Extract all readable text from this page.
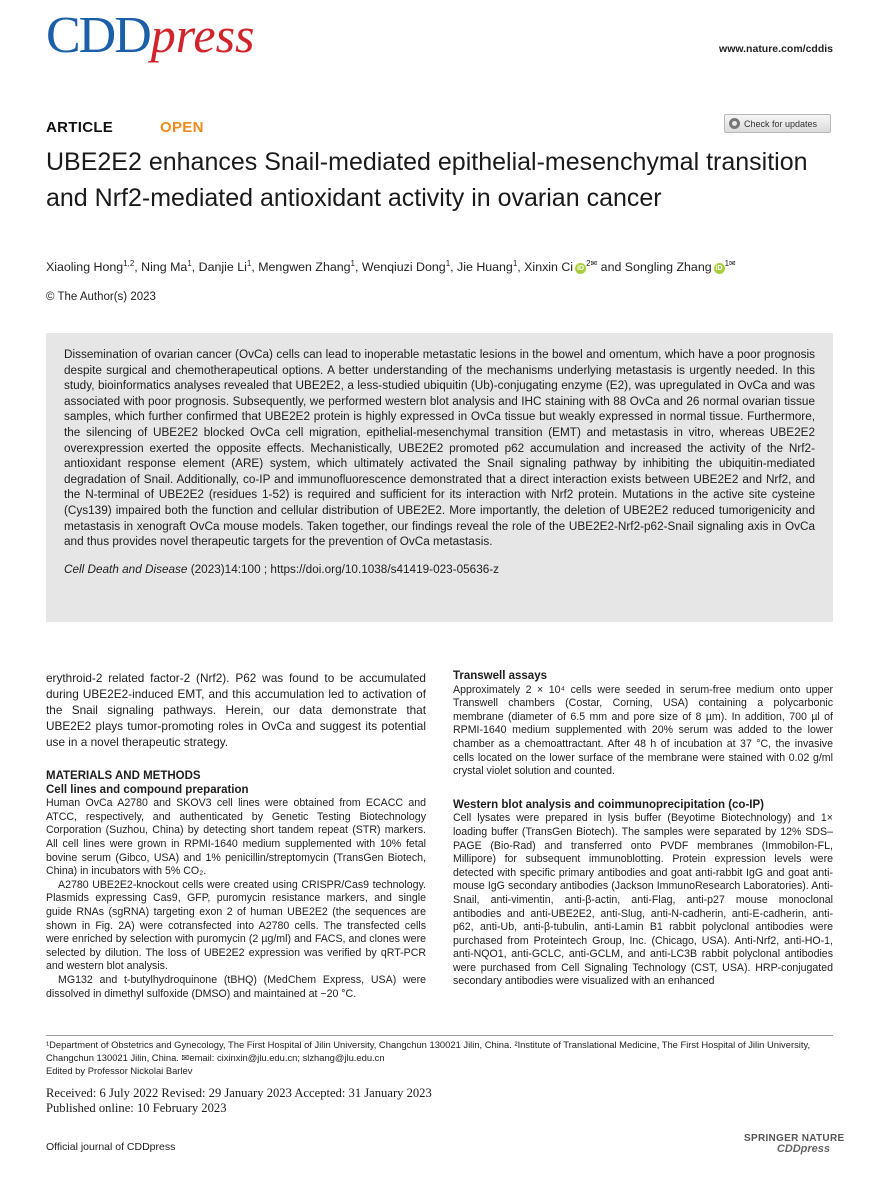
CDDpress	www.nature.com/cddis
ARTICLE	OPEN	Check for updates
UBE2E2 enhances Snail-mediated epithelial-mesenchymal transition and Nrf2-mediated antioxidant activity in ovarian cancer
Xiaoling Hong$^{1,2}$, Ning Ma$^1$, Danjie Li$^1$, Mengwen Zhang$^1$, Wenqiuzi Dong$^1$, Jie Huang$^1$, Xinxin Ci $iD^{2✉}$ and Songling Zhang $iD^{1✉}$
© The Author(s) 2023

Dissemination of ovarian cancer (OvCa) cells can lead to inoperable metastatic lesions in the bowel and omentum, which have a poor prognosis despite surgical and chemotherapeutical options. A better understanding of the mechanisms underlying metastasis is urgently needed. In this study, bioinformatics analyses revealed that UBE2E2, a less-studied ubiquitin (Ub)-conjugating enzyme (E2), was upregulated in OvCa and was associated with poor prognosis. Subsequently, we performed western blot analysis and IHC staining with 88 OvCa and 26 normal ovarian tissue samples, which further confirmed that UBE2E2 protein is highly expressed in OvCa tissue but weakly expressed in normal tissue. Furthermore, the silencing of UBE2E2 blocked OvCa cell migration, epithelial-mesenchymal transition (EMT) and metastasis in vitro, whereas UBE2E2 overexpression exerted the opposite effects. Mechanistically, UBE2E2 promoted p62 accumulation and increased the activity of the Nrf2-antioxidant response element (ARE) system, which ultimately activated the Snail signaling pathway by inhibiting the ubiquitin-mediated degradation of Snail. Additionally, co-IP and immunofluorescence demonstrated that a direct interaction exists between UBE2E2 and Nrf2, and the N-terminal of UBE2E2 (residues 1-52) is required and sufficient for its interaction with Nrf2 protein. Mutations in the active site cysteine (Cys139) impaired both the function and cellular distribution of UBE2E2. More importantly, the deletion of UBE2E2 reduced tumorigenicity and metastasis in xenograft OvCa mouse models. Taken together, our findings reveal the role of the UBE2E2-Nrf2-p62-Snail signaling axis in OvCa and thus provides novel therapeutic targets for the prevention of OvCa metastasis.

Cell Death and Disease (2023)14:100 ; https://doi.org/10.1038/s41419-023-05636-z

erythroid-2 related factor-2 (Nrf2). P62 was found to be accumulated during UBE2E2-induced EMT, and this accumulation led to activation of the Snail signaling pathways. Herein, our data demonstrate that UBE2E2 plays tumor-promoting roles in OvCa and suggest its potential use in a novel therapeutic strategy.

MATERIALS AND METHODS

Cell lines and compound preparation

Human OvCa A2780 and SKOV3 cell lines were obtained from ECACC and ATCC, respectively, and authenticated by Genetic Testing Biotechnology Corporation (Suzhou, China) by detecting short tandem repeat (STR) markers. All cell lines were grown in RPMI-1640 medium supplemented with 10% fetal bovine serum (Gibco, USA) and 1% penicillin/streptomycin (TransGen Biotech, China) in incubators with 5% CO₂.

A2780 UBE2E2-knockout cells were created using CRISPR/Cas9 technology. Plasmids expressing Cas9, GFP, puromycin resistance markers, and single guide RNAs (sgRNA) targeting exon 2 of human UBE2E2 (the sequences are shown in Fig. 2A) were cotransfected into A2780 cells. The transfected cells were enriched by selection with puromycin (2 µg/ml) and FACS, and clones were selected by dilution. The loss of UBE2E2 expression was verified by qRT-PCR and western blot analysis.

MG132 and t-butylhydroquinone (tBHQ) (MedChem Express, USA) were dissolved in dimethyl sulfoxide (DMSO) and maintained at −20 °C.

Transwell assays

Approximately 2 × 10⁴ cells were seeded in serum-free medium onto upper Transwell chambers (Costar, Corning, USA) containing a polycarbonic membrane (diameter of 6.5 mm and pore size of 8 µm). In addition, 700 µl of RPMI-1640 medium supplemented with 20% serum was added to the lower chamber as a chemoattractant. After 48 h of incubation at 37 °C, the invasive cells located on the lower surface of the membrane were stained with 0.02 g/ml crystal violet solution and counted.

Western blot analysis and coimmunoprecipitation (co-IP)

Cell lysates were prepared in lysis buffer (Beyotime Biotechnology) and 1× loading buffer (TransGen Biotech). The samples were separated by 12% SDS–PAGE (Bio-Rad) and transferred onto PVDF membranes (Immobilon-FL, Millipore) for subsequent immunoblotting. Protein expression levels were detected with specific primary antibodies and goat anti-rabbit IgG and goat anti-mouse IgG secondary antibodies (Jackson ImmunoResearch Laboratories). Anti-Snail, anti-vimentin, anti-β-actin, anti-Flag, anti-p27 mouse monoclonal antibodies and anti-UBE2E2, anti-Slug, anti-N-cadherin, anti-E-cadherin, anti-p62, anti-Ub, anti-β-tubulin, anti-Lamin B1 rabbit polyclonal antibodies were purchased from Proteintech Group, Inc. (Chicago, USA). Anti-Nrf2, anti-HO-1, anti-NQO1, anti-GCLC, anti-GCLM, and anti-LC3B rabbit polyclonal antibodies were purchased from Cell Signaling Technology (CST, USA). HRP-conjugated secondary antibodies were visualized with an enhanced

¹Department of Obstetrics and Gynecology, The First Hospital of Jilin University, Changchun 130021 Jilin, China. ²Institute of Translational Medicine, The First Hospital of Jilin University, Changchun 130021 Jilin, China. ✉email: cixinxin@jlu.edu.cn; slzhang@jlu.edu.cn
Edited by Professor Nickolai Barlev
Received: 6 July 2022 Revised: 29 January 2023 Accepted: 31 January 2023
Published online: 10 February 2023
Official journal of CDDpress
SPRINGER NATURE
CDDpress
